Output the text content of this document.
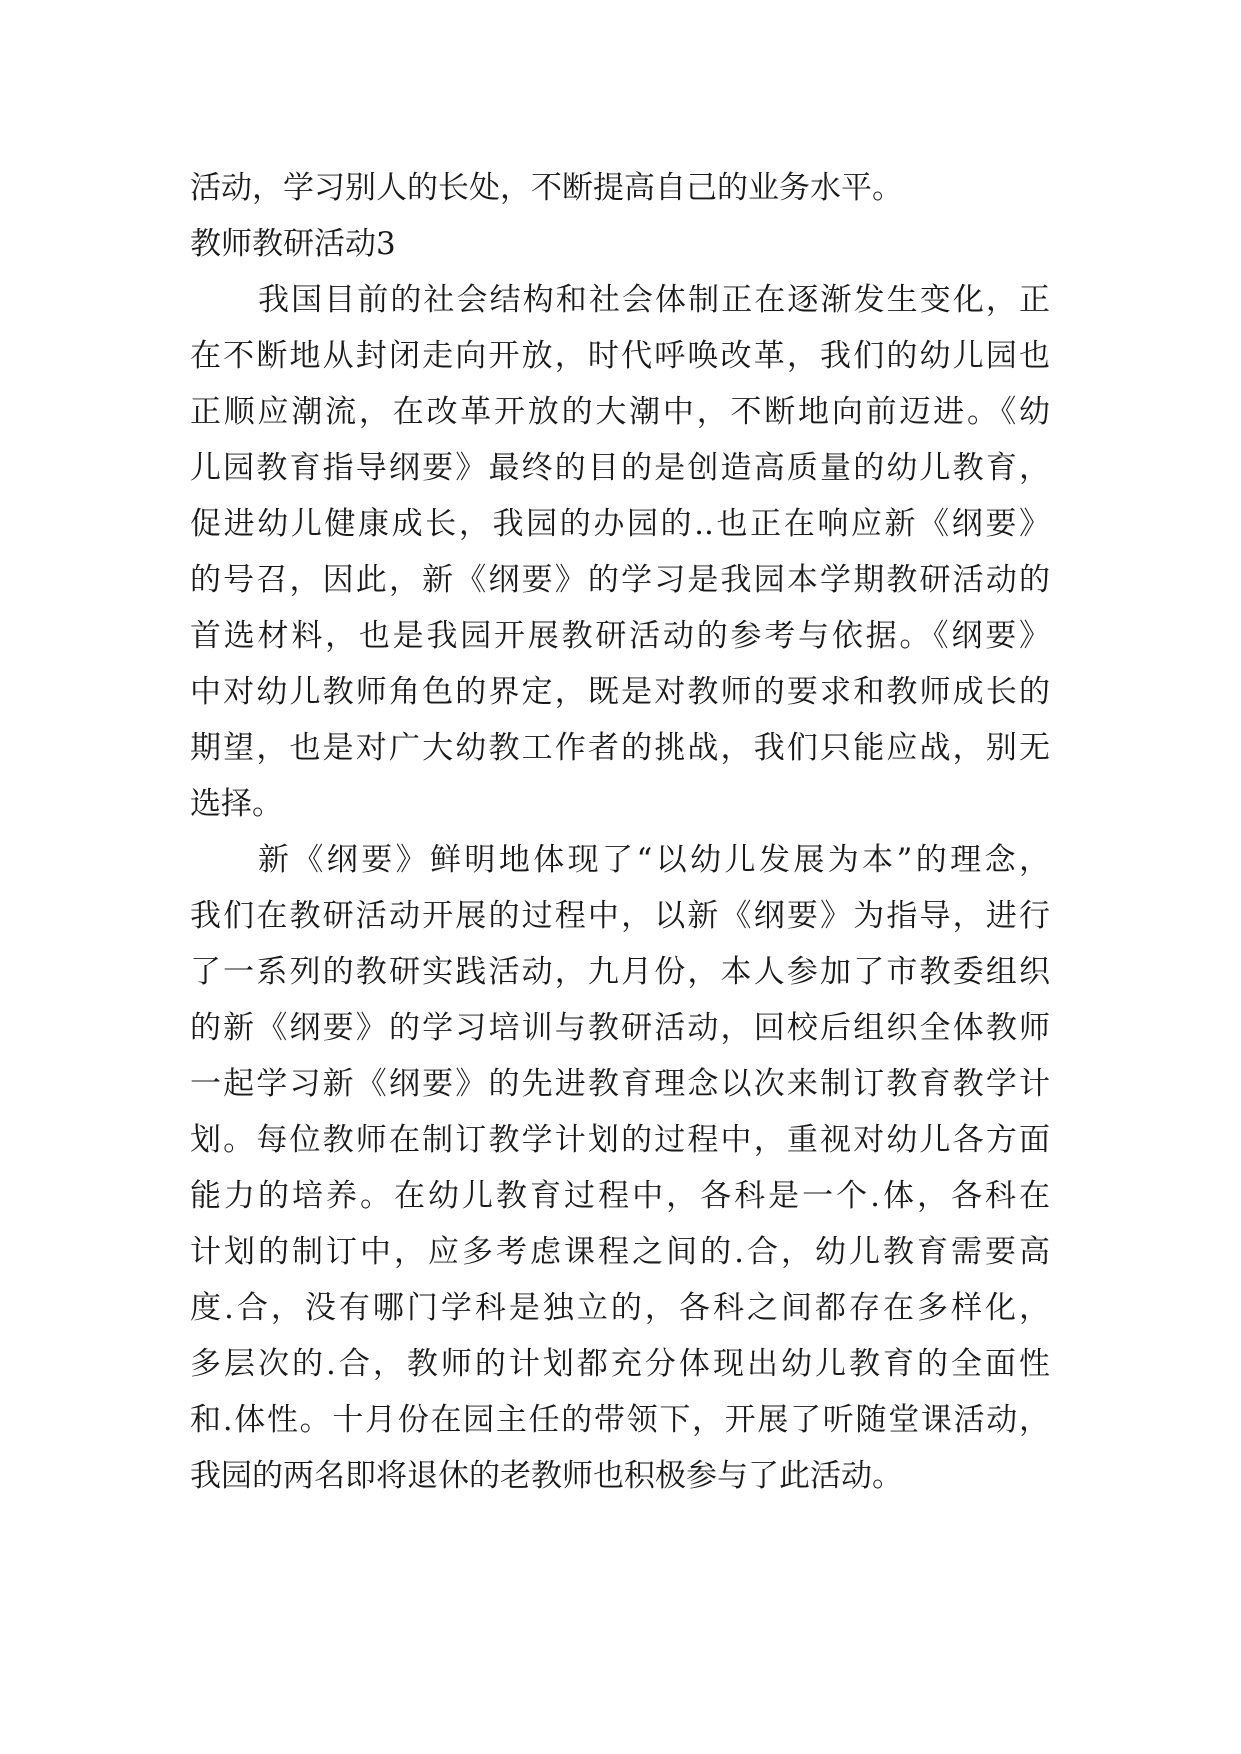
活动，学习别人的长处，不断提高自己的业务水平。
教师教研活动3
我国目前的社会结构和社会体制正在逐渐发生变化，正
在不断地从封闭走向开放，时代呼唤改革，我们的幼儿园也
正顺应潮流，在改革开放的大潮中，不断地向前迈进。《幼
儿园教育指导纲要》最终的目的是创造高质量的幼儿教育，
促进幼儿健康成长，我园的办园的..也正在响应新《纲要》
的号召，因此，新《纲要》的学习是我园本学期教研活动的
首选材料，也是我园开展教研活动的参考与依据。《纲要》
中对幼儿教师角色的界定，既是对教师的要求和教师成长的
期望，也是对广大幼教工作者的挑战，我们只能应战，别无
选择。
新《纲要》鲜明地体现了“以幼儿发展为本”的理念，
我们在教研活动开展的过程中，以新《纲要》为指导，进行
了一系列的教研实践活动，九月份，本人参加了市教委组织
的新《纲要》的学习培训与教研活动，回校后组织全体教师
一起学习新《纲要》的先进教育理念以次来制订教育教学计
划。每位教师在制订教学计划的过程中，重视对幼儿各方面
能力的培养。在幼儿教育过程中，各科是一个.体，各科在
计划的制订中，应多考虑课程之间的.合，幼儿教育需要高
度.合，没有哪门学科是独立的，各科之间都存在多样化，
多层次的.合，教师的计划都充分体现出幼儿教育的全面性
和.体性。十月份在园主任的带领下，开展了听随堂课活动，
我园的两名即将退休的老教师也积极参与了此活动。
